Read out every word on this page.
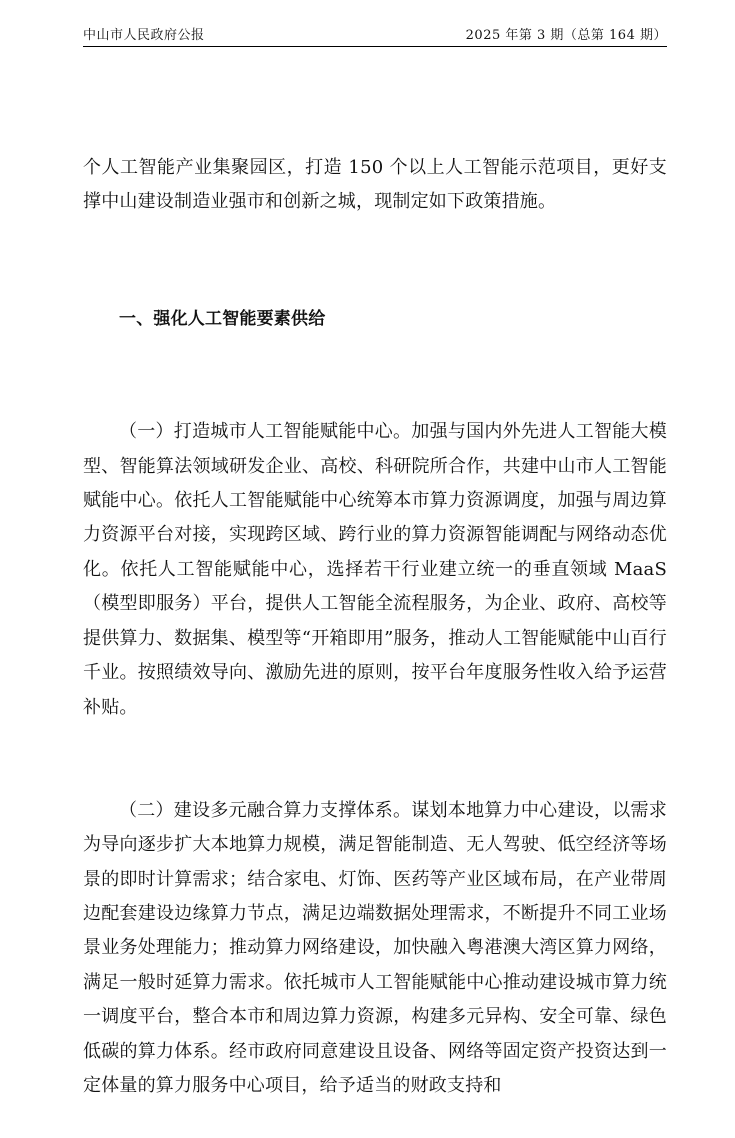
中山市人民政府公报	2025 年第 3 期（总第 164 期）

个人工智能产业集聚园区，打造 150 个以上人工智能示范项目，更好支撑中山建设制造业强市和创新之城，现制定如下政策措施。

一、强化人工智能要素供给

（一）打造城市人工智能赋能中心。加强与国内外先进人工智能大模型、智能算法领域研发企业、高校、科研院所合作，共建中山市人工智能赋能中心。依托人工智能赋能中心统筹本市算力资源调度，加强与周边算力资源平台对接，实现跨区域、跨行业的算力资源智能调配与网络动态优化。依托人工智能赋能中心，选择若干行业建立统一的垂直领域 MaaS（模型即服务）平台，提供人工智能全流程服务，为企业、政府、高校等提供算力、数据集、模型等“开箱即用”服务，推动人工智能赋能中山百行千业。按照绩效导向、激励先进的原则，按平台年度服务性收入给予运营补贴。

（二）建设多元融合算力支撑体系。谋划本地算力中心建设，以需求为导向逐步扩大本地算力规模，满足智能制造、无人驾驶、低空经济等场景的即时计算需求；结合家电、灯饰、医药等产业区域布局，在产业带周边配套建设边缘算力节点，满足边端数据处理需求，不断提升不同工业场景业务处理能力；推动算力网络建设，加快融入粤港澳大湾区算力网络，满足一般时延算力需求。依托城市人工智能赋能中心推动建设城市算力统一调度平台，整合本市和周边算力资源，构建多元异构、安全可靠、绿色低碳的算力体系。经市政府同意建设且设备、网络等固定资产投资达到一定体量的算力服务中心项目，给予适当的财政支持和
